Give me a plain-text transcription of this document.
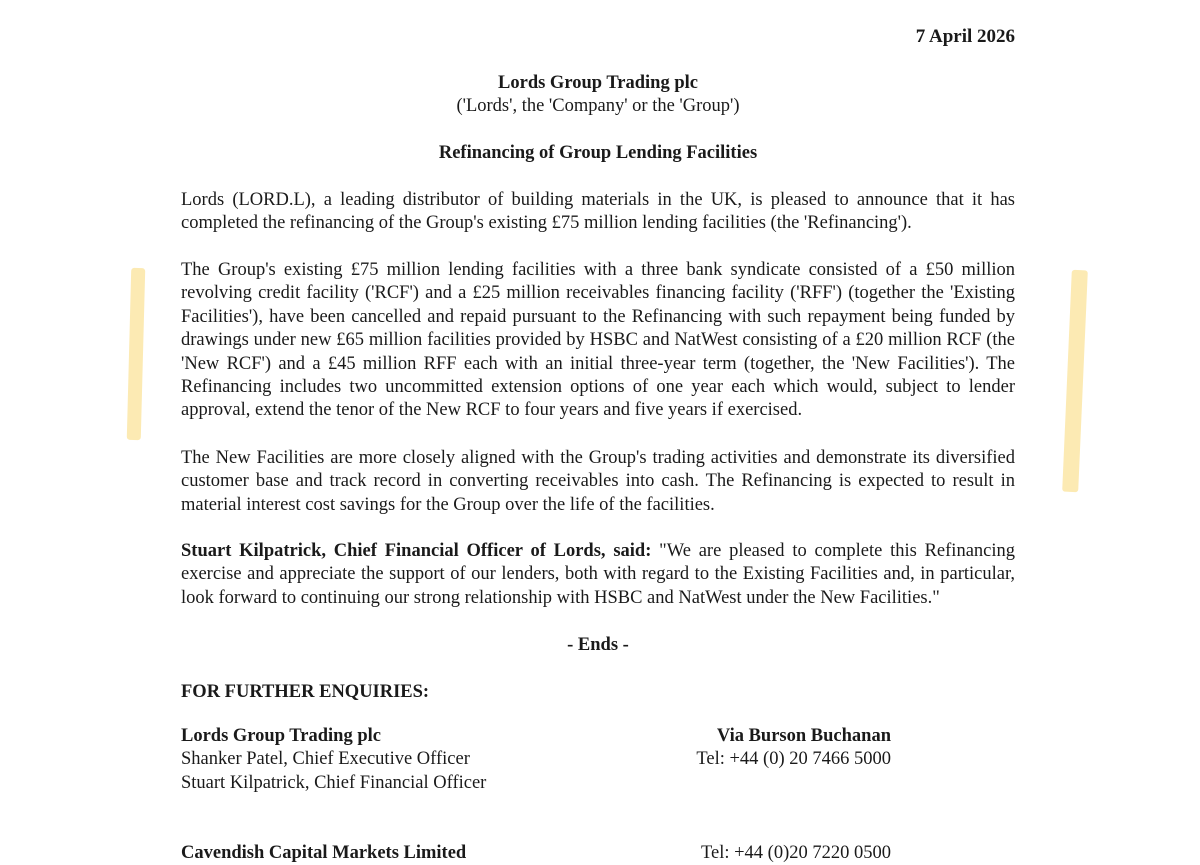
7 April 2026
Lords Group Trading plc
('Lords', the 'Company' or the 'Group')
Refinancing of Group Lending Facilities
Lords (LORD.L), a leading distributor of building materials in the UK, is pleased to announce that it has completed the refinancing of the Group's existing £75 million lending facilities (the 'Refinancing').
The Group's existing £75 million lending facilities with a three bank syndicate consisted of a £50 million revolving credit facility ('RCF') and a £25 million receivables financing facility ('RFF') (together the 'Existing Facilities'), have been cancelled and repaid pursuant to the Refinancing with such repayment being funded by drawings under new £65 million facilities provided by HSBC and NatWest consisting of a £20 million RCF (the 'New RCF') and a £45 million RFF each with an initial three-year term (together, the 'New Facilities'). The Refinancing includes two uncommitted extension options of one year each which would, subject to lender approval, extend the tenor of the New RCF to four years and five years if exercised.
The New Facilities are more closely aligned with the Group's trading activities and demonstrate its diversified customer base and track record in converting receivables into cash. The Refinancing is expected to result in material interest cost savings for the Group over the life of the facilities.
Stuart Kilpatrick, Chief Financial Officer of Lords, said: "We are pleased to complete this Refinancing exercise and appreciate the support of our lenders, both with regard to the Existing Facilities and, in particular, look forward to continuing our strong relationship with HSBC and NatWest under the New Facilities."
- Ends -
FOR FURTHER ENQUIRIES:
Lords Group Trading plc
Shanker Patel, Chief Executive Officer
Stuart Kilpatrick, Chief Financial Officer
Via Burson Buchanan
Tel: +44 (0) 20 7466 5000
Cavendish Capital Markets Limited	Tel: +44 (0)20 7220 0500
